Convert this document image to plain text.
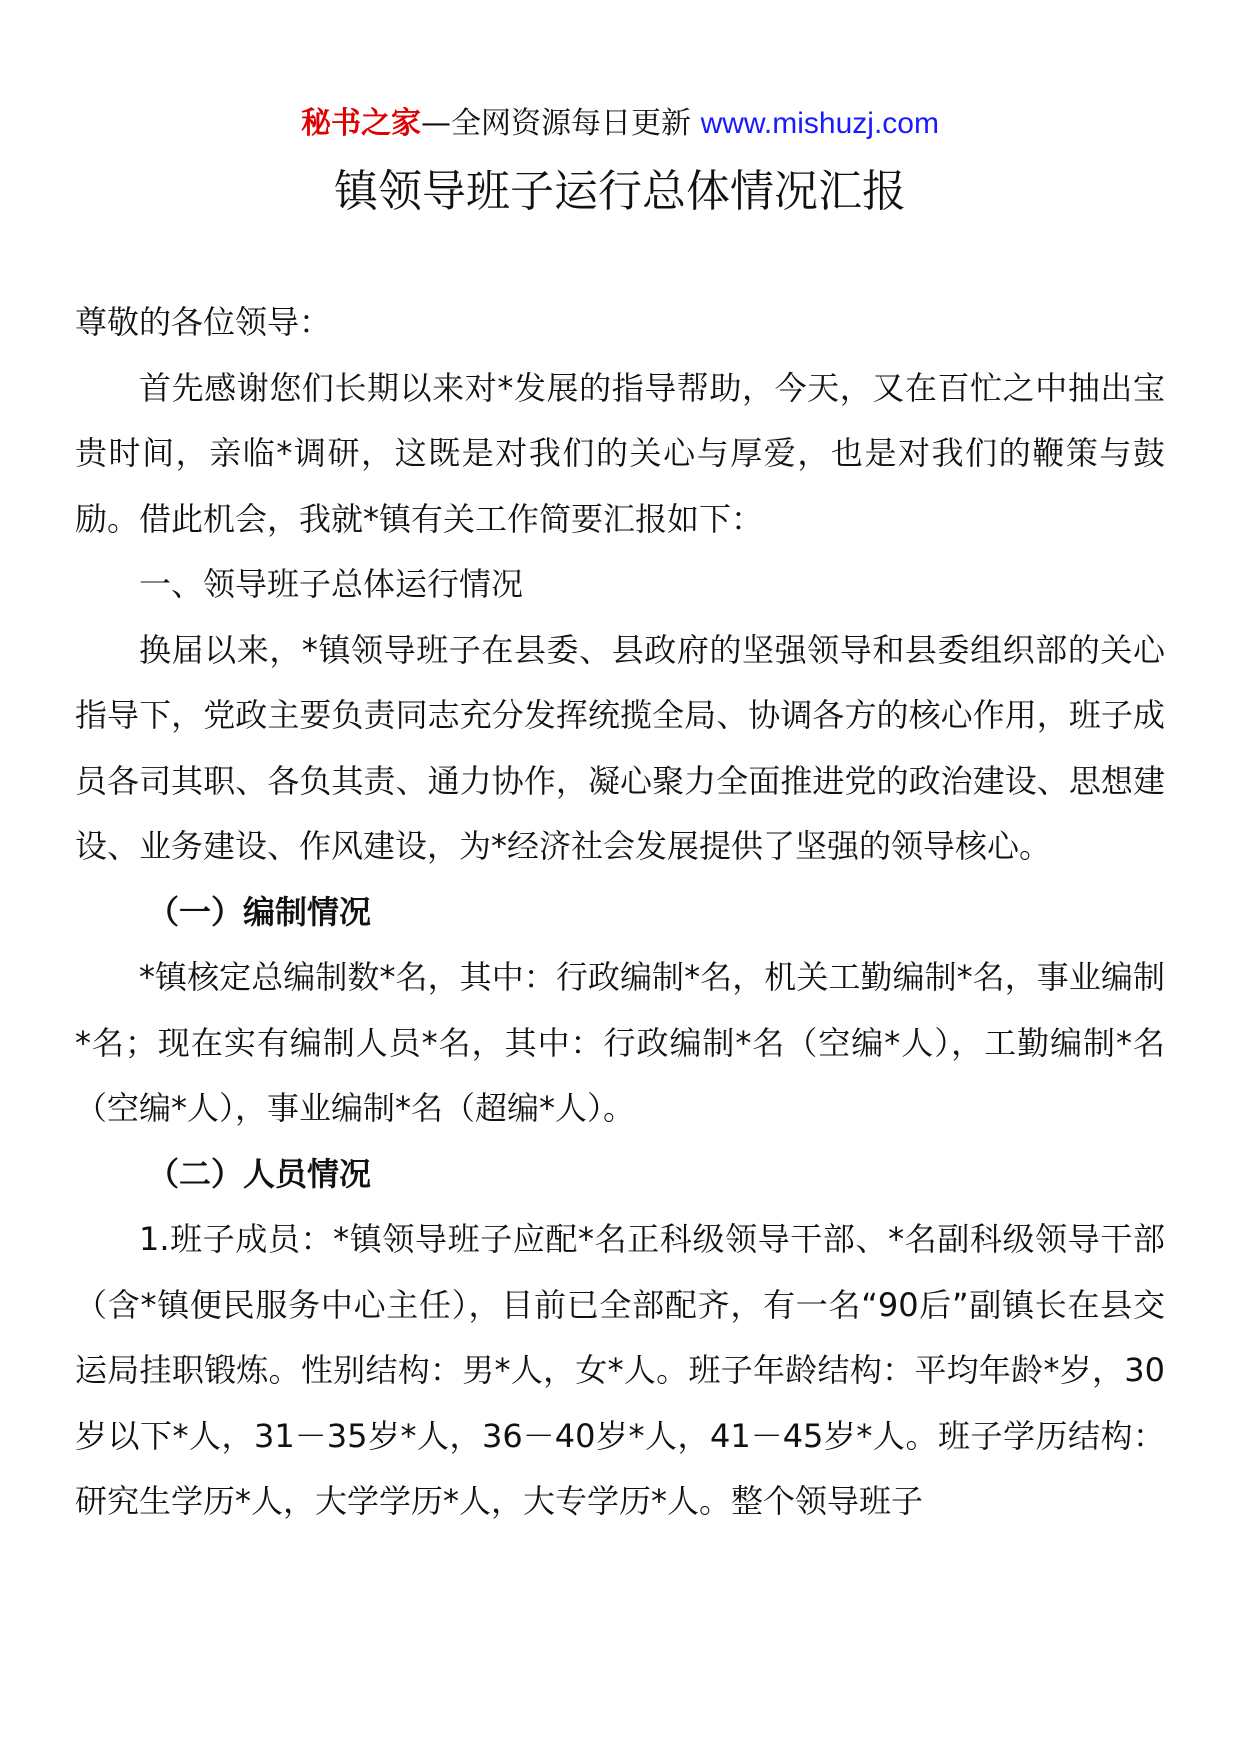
秘书之家—全网资源每日更新 www.mishuzj.com
镇领导班子运行总体情况汇报

尊敬的各位领导：

首先感谢您们长期以来对*发展的指导帮助，今天，又在百忙之中抽出宝贵时间，亲临*调研，这既是对我们的关心与厚爱，也是对我们的鞭策与鼓励。借此机会，我就*镇有关工作简要汇报如下：

一、领导班子总体运行情况

换届以来，*镇领导班子在县委、县政府的坚强领导和县委组织部的关心指导下，党政主要负责同志充分发挥统揽全局、协调各方的核心作用，班子成员各司其职、各负其责、通力协作，凝心聚力全面推进党的政治建设、思想建设、业务建设、作风建设，为*经济社会发展提供了坚强的领导核心。

（一）编制情况

*镇核定总编制数*名，其中：行政编制*名，机关工勤编制*名，事业编制*名；现在实有编制人员*名，其中：行政编制*名（空编*人），工勤编制*名（空编*人），事业编制*名（超编*人）。

（二）人员情况

1.班子成员：*镇领导班子应配*名正科级领导干部、*名副科级领导干部（含*镇便民服务中心主任），目前已全部配齐，有一名“90后”副镇长在县交运局挂职锻炼。性别结构：男*人，女*人。班子年龄结构：平均年龄*岁，30岁以下*人，31－35岁*人，36－40岁*人，41－45岁*人。班子学历结构：研究生学历*人，大学学历*人，大专学历*人。整个领导班子
